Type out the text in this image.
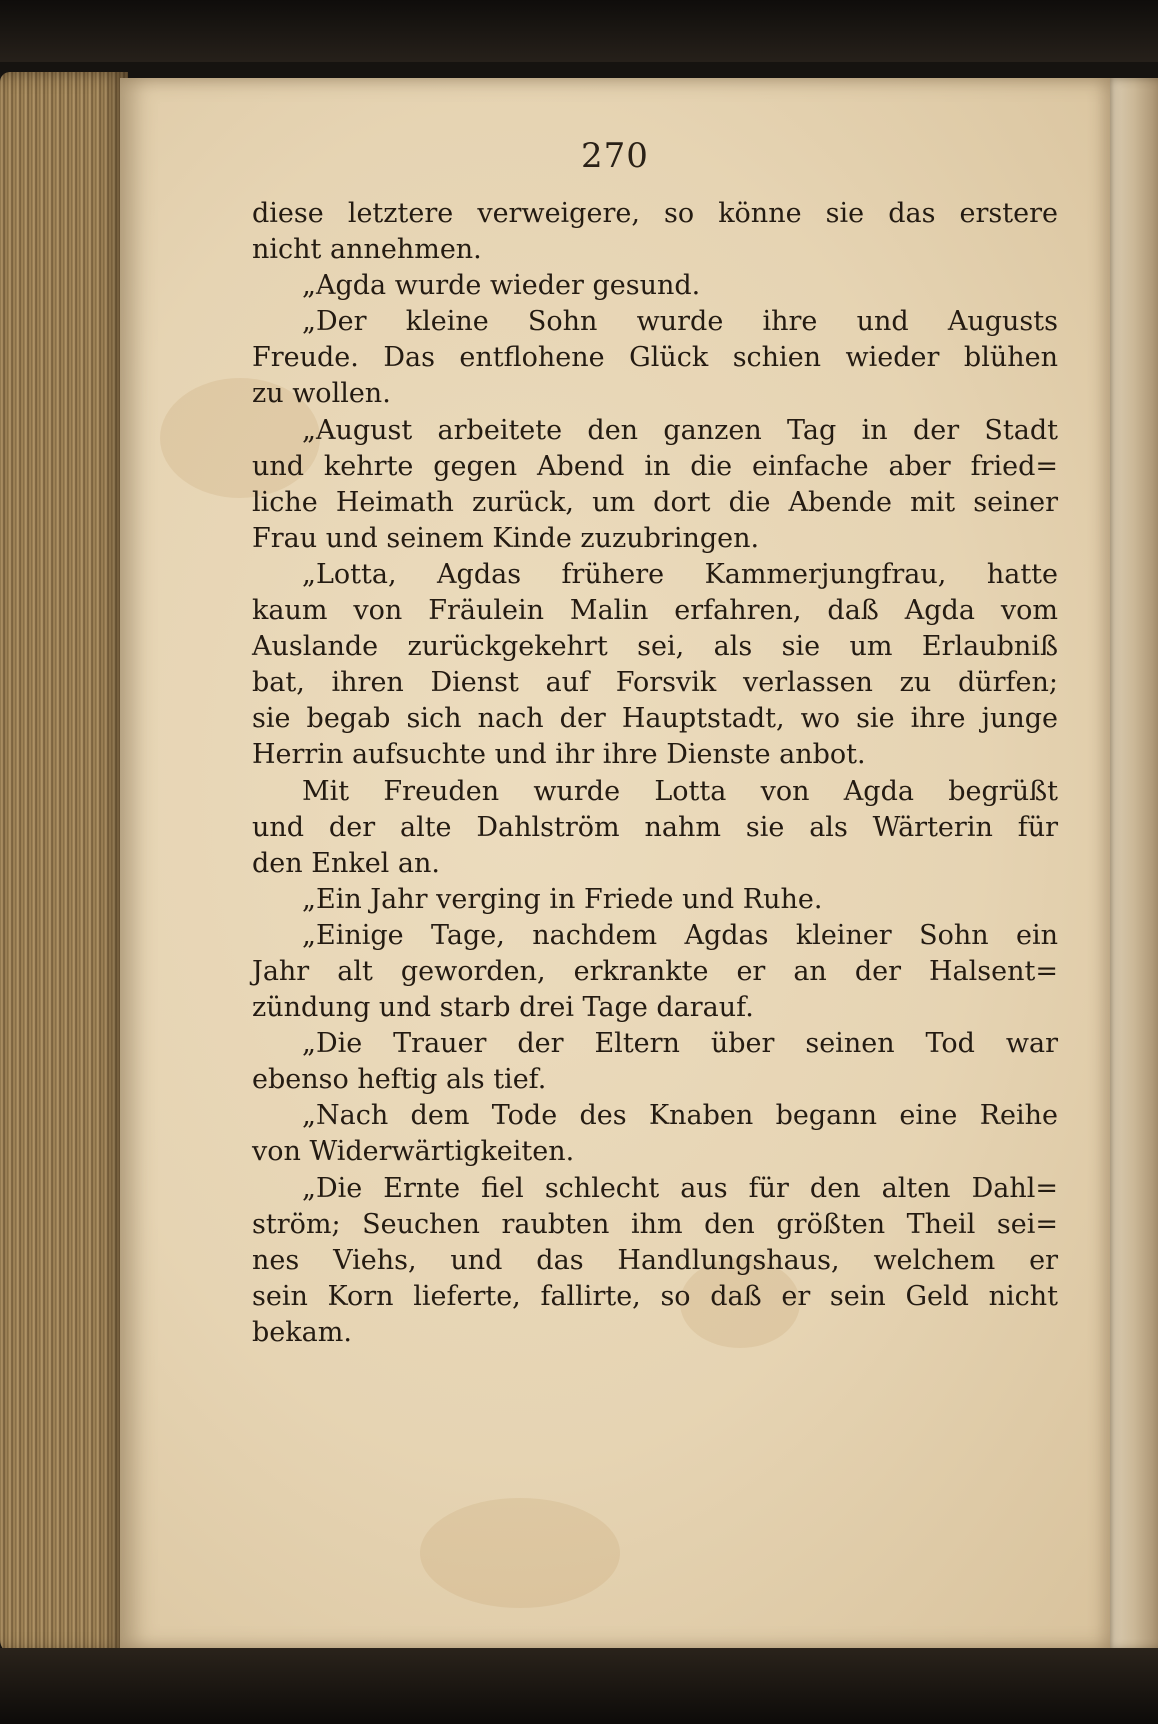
270
diese letztere verweigere, so könne sie das erstere
nicht annehmen.
„Agda wurde wieder gesund.
„Der kleine Sohn wurde ihre und Augusts
Freude. Das entflohene Glück schien wieder blühen
zu wollen.
„August arbeitete den ganzen Tag in der Stadt
und kehrte gegen Abend in die einfache aber fried=
liche Heimath zurück, um dort die Abende mit seiner
Frau und seinem Kinde zuzubringen.
„Lotta, Agdas frühere Kammerjungfrau, hatte
kaum von Fräulein Malin erfahren, daß Agda vom
Auslande zurückgekehrt sei, als sie um Erlaubniß
bat, ihren Dienst auf Forsvik verlassen zu dürfen;
sie begab sich nach der Hauptstadt, wo sie ihre junge
Herrin aufsuchte und ihr ihre Dienste anbot.
Mit Freuden wurde Lotta von Agda begrüßt
und der alte Dahlström nahm sie als Wärterin für
den Enkel an.
„Ein Jahr verging in Friede und Ruhe.
„Einige Tage, nachdem Agdas kleiner Sohn ein
Jahr alt geworden, erkrankte er an der Halsent=
zündung und starb drei Tage darauf.
„Die Trauer der Eltern über seinen Tod war
ebenso heftig als tief.
„Nach dem Tode des Knaben begann eine Reihe
von Widerwärtigkeiten.
„Die Ernte fiel schlecht aus für den alten Dahl=
ström; Seuchen raubten ihm den größten Theil sei=
nes Viehs, und das Handlungshaus, welchem er
sein Korn lieferte, fallirte, so daß er sein Geld nicht
bekam.
